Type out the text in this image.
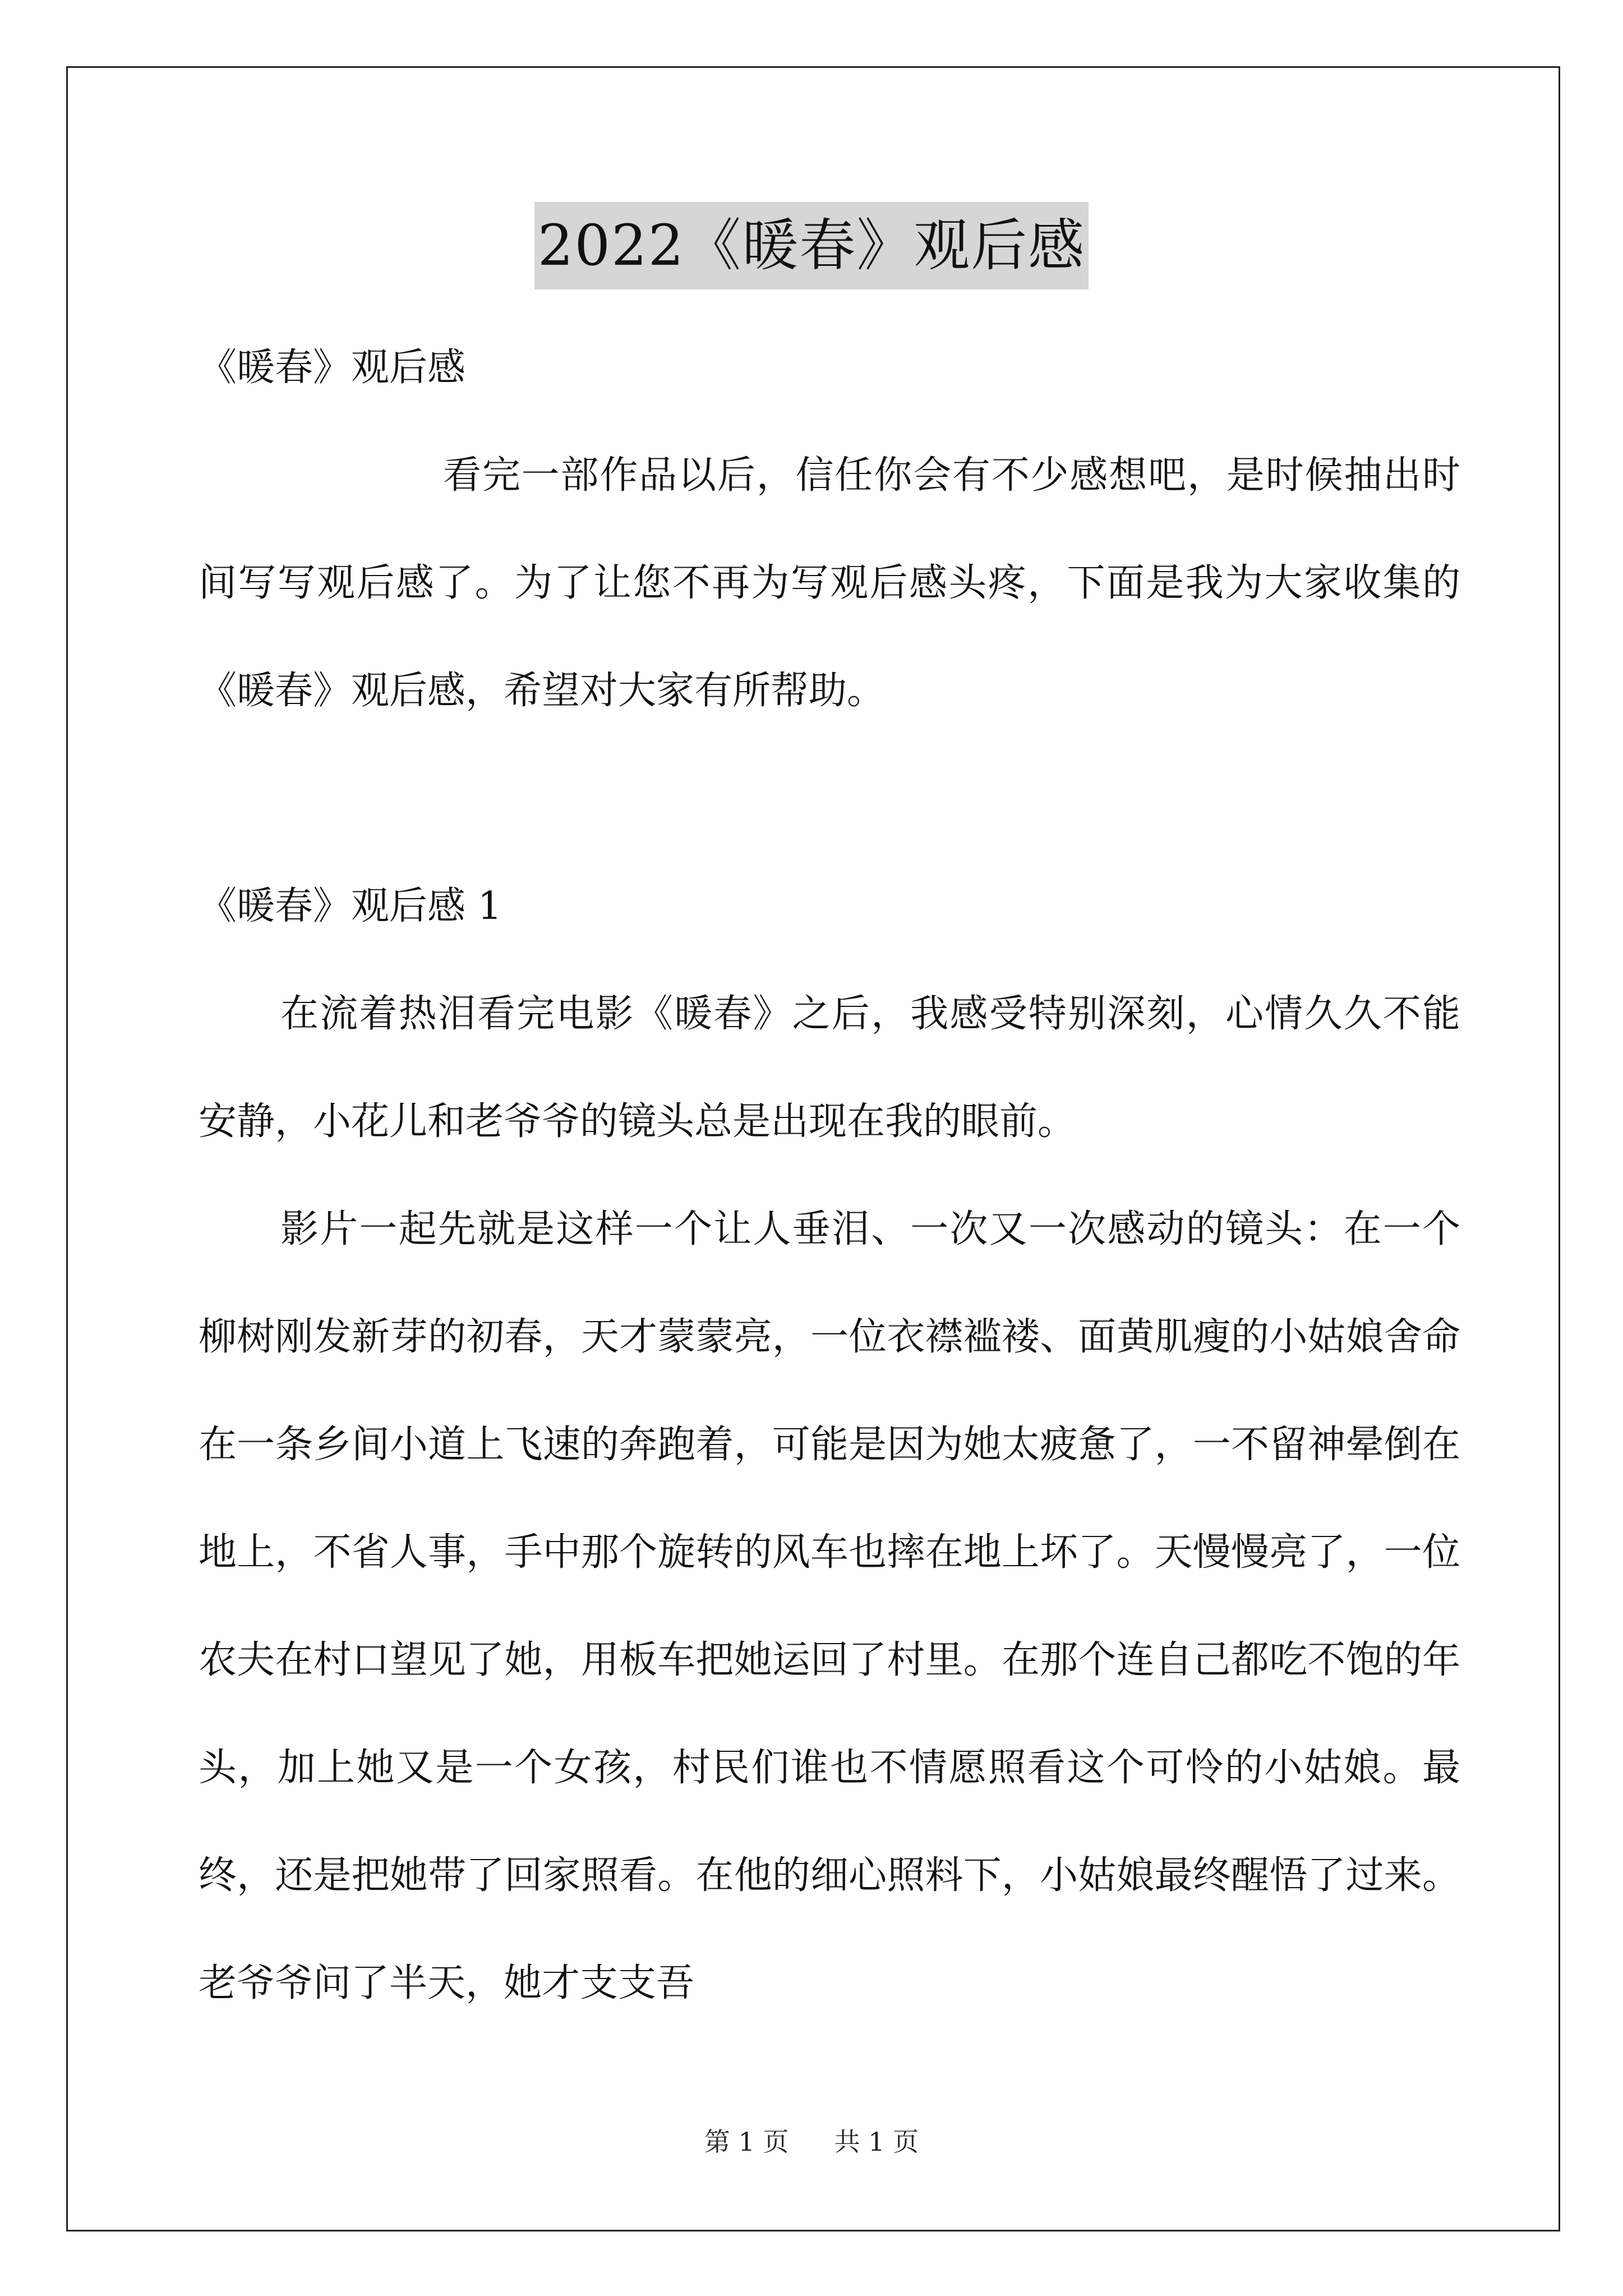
2022《暖春》观后感

《暖春》观后感

看完一部作品以后，信任你会有不少感想吧，是时候抽出时间写写观后感了。为了让您不再为写观后感头疼，下面是我为大家收集的《暖春》观后感，希望对大家有所帮助。

《暖春》观后感 1

在流着热泪看完电影《暖春》之后，我感受特别深刻，心情久久不能安静，小花儿和老爷爷的镜头总是出现在我的眼前。

影片一起先就是这样一个让人垂泪、一次又一次感动的镜头：在一个柳树刚发新芽的初春，天才蒙蒙亮，一位衣襟褴褛、面黄肌瘦的小姑娘舍命在一条乡间小道上飞速的奔跑着，可能是因为她太疲惫了，一不留神晕倒在地上，不省人事，手中那个旋转的风车也摔在地上坏了。天慢慢亮了，一位农夫在村口望见了她，用板车把她运回了村里。在那个连自己都吃不饱的年头，加上她又是一个女孩，村民们谁也不情愿照看这个可怜的小姑娘。最终，还是把她带了回家照看。在他的细心照料下，小姑娘最终醒悟了过来。老爷爷问了半天，她才支支吾

第 1 页 共 1 页
